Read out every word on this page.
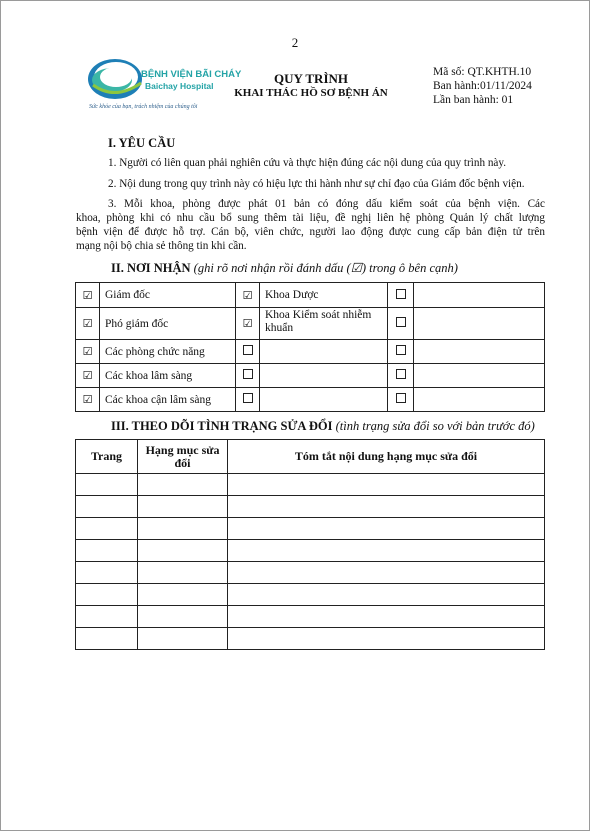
2
BỆNH VIỆN BÃI CHÁY
Baichay Hospital
Sức khỏe của bạn, trách nhiệm của chúng tôi
QUY TRÌNH
KHAI THÁC HỒ SƠ BỆNH ÁN
Mã số: QT.KHTH.10
Ban hành:01/11/2024
Lần ban hành: 01
I. YÊU CẦU
1. Người có liên quan phải nghiên cứu và thực hiện đúng các nội dung của quy trình này.
2. Nội dung trong quy trình này có hiệu lực thi hành như sự chỉ đạo của Giám đốc bệnh viện.
3. Mỗi khoa, phòng được phát 01 bản có đóng dấu kiểm soát của bệnh viện. Các
khoa, phòng khi có nhu cầu bổ sung thêm tài liệu, đề nghị liên hệ phòng Quản lý chất lượng
bệnh viện để được hỗ trợ. Cán bộ, viên chức, người lao động được cung cấp bản điện tử trên
mạng nội bộ chia sẻ thông tin khi cần.
II. NƠI NHẬN (ghi rõ nơi nhận rồi đánh dấu (☑) trong ô bên cạnh)
☑	Giám đốc	☑	Khoa Dược		
☑	Phó giám đốc	☑	Khoa Kiểm soát nhiễm khuẩn		
☑	Các phòng chức năng				
☑	Các khoa lâm sàng				
☑	Các khoa cận lâm sàng				
III. THEO DÕI TÌNH TRẠNG SỬA ĐỔI (tình trạng sửa đổi so với bản trước đó)
Trang	Hạng mục sửa đổi	Tóm tắt nội dung hạng mục sửa đổi
